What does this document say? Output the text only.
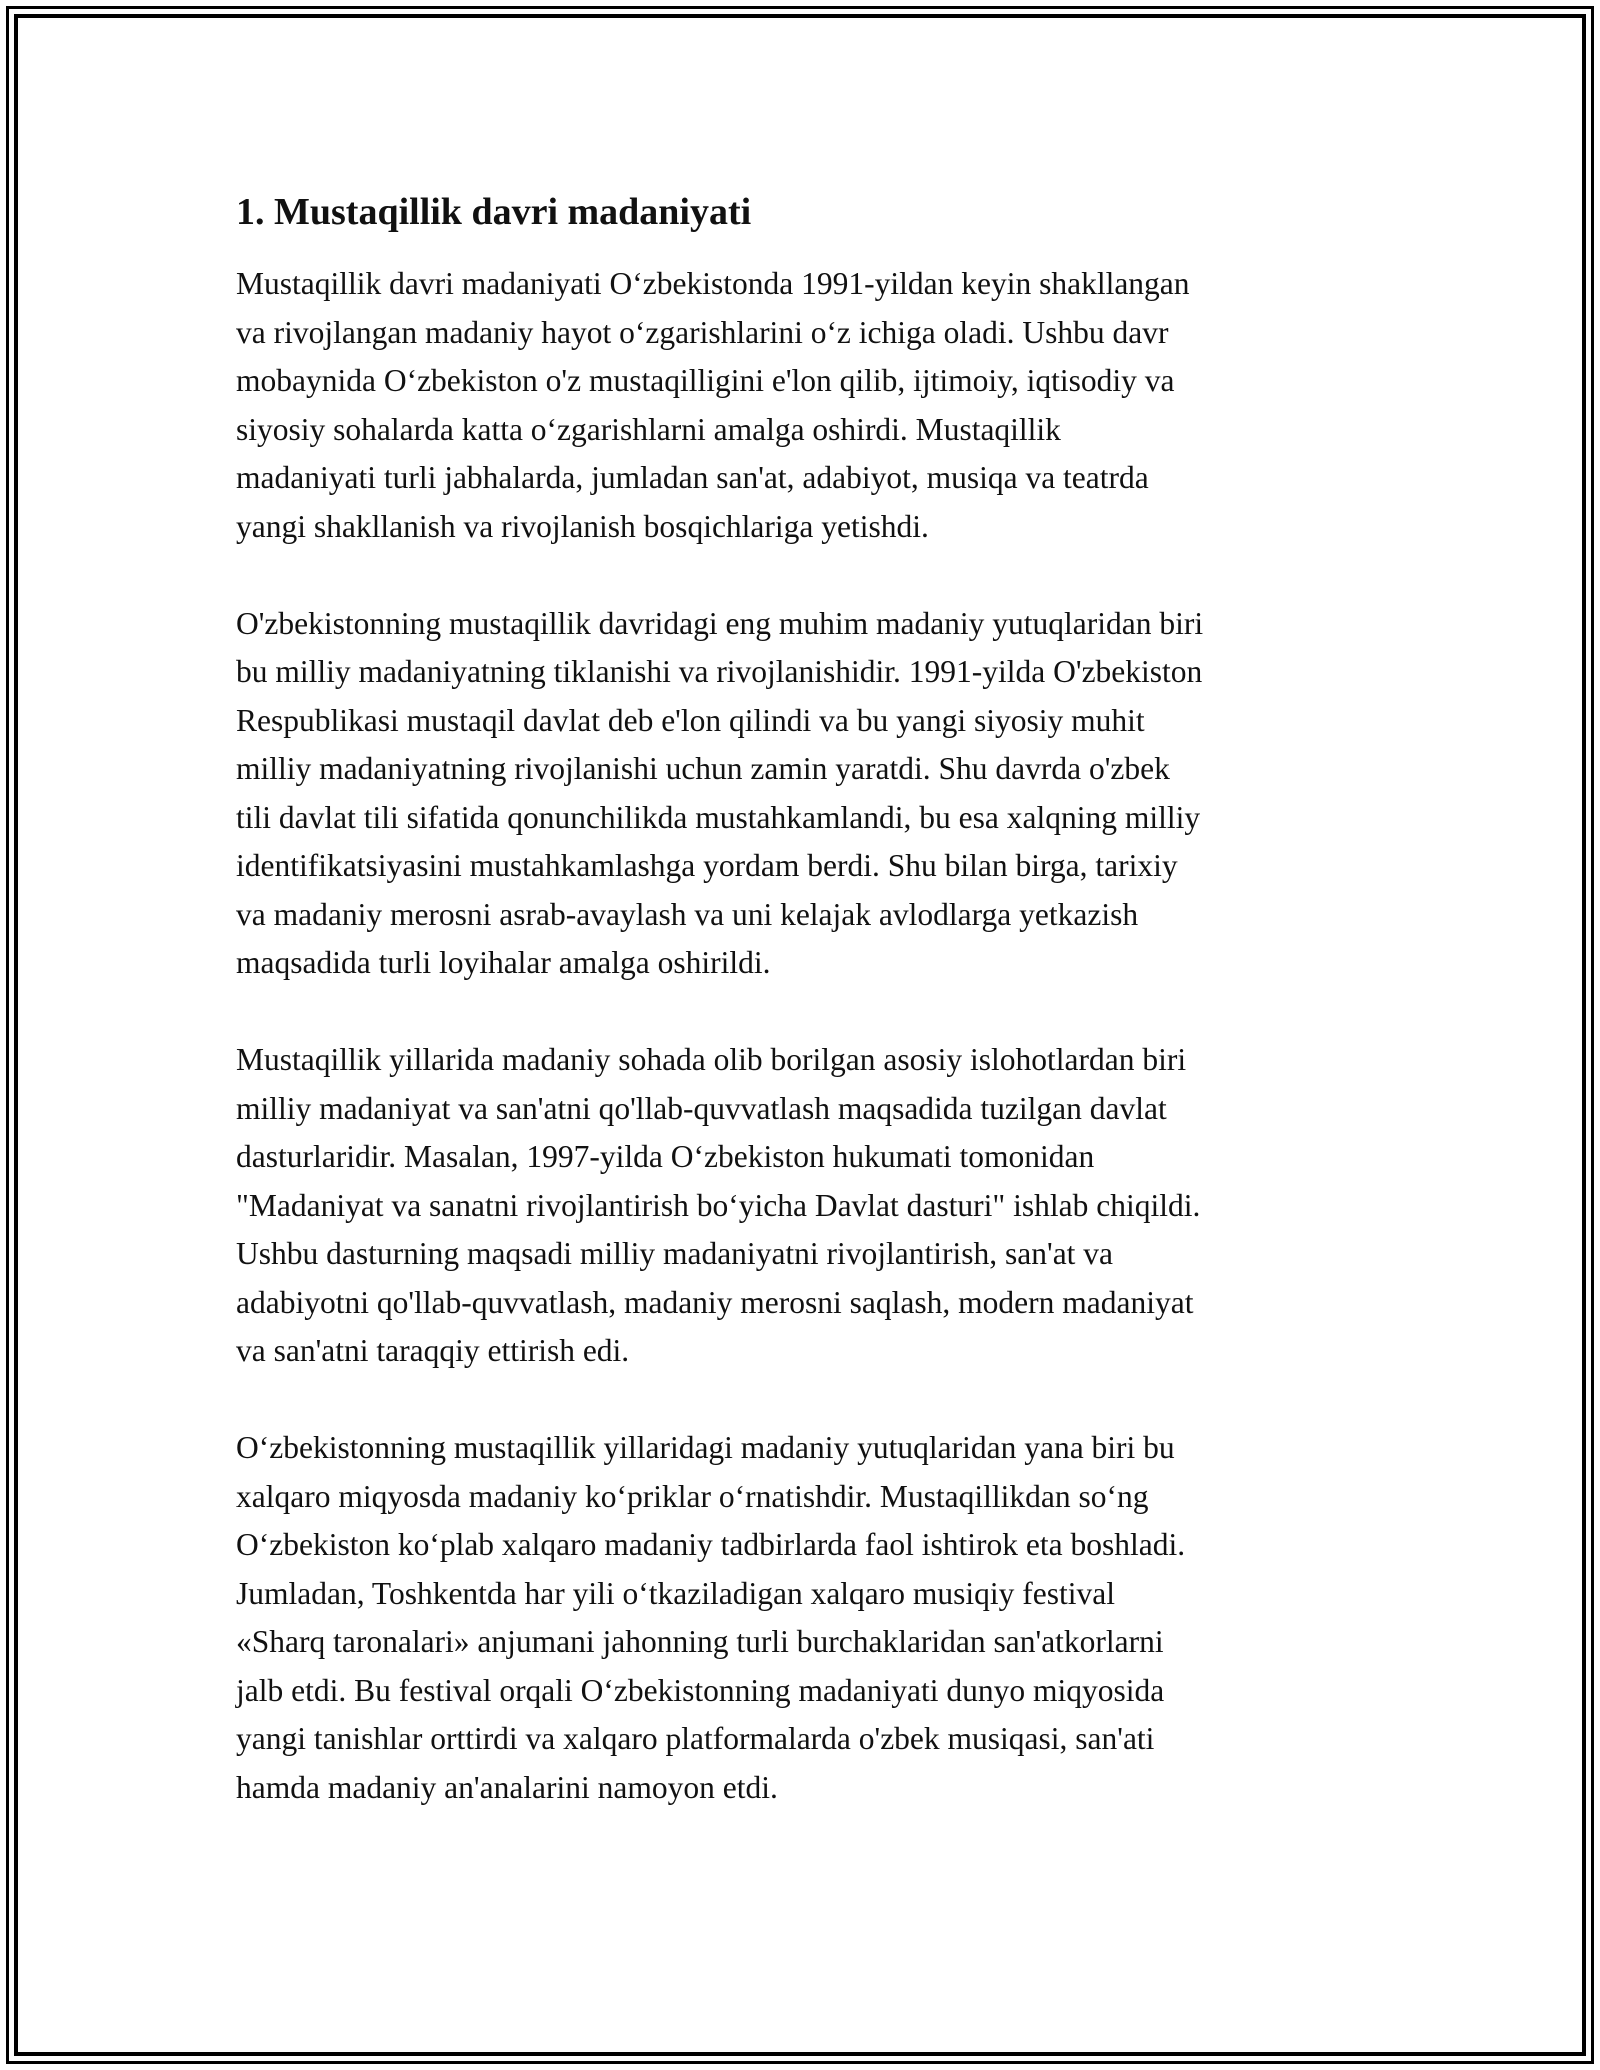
1. Mustaqillik davri madaniyati

Mustaqillik davri madaniyati O‘zbekistonda 1991-yildan keyin shakllangan
va rivojlangan madaniy hayot o‘zgarishlarini o‘z ichiga oladi. Ushbu davr
mobaynida O‘zbekiston o'z mustaqilligini e'lon qilib, ijtimoiy, iqtisodiy va
siyosiy sohalarda katta o‘zgarishlarni amalga oshirdi. Mustaqillik
madaniyati turli jabhalarda, jumladan san'at, adabiyot, musiqa va teatrda
yangi shakllanish va rivojlanish bosqichlariga yetishdi.

O'zbekistonning mustaqillik davridagi eng muhim madaniy yutuqlaridan biri
bu milliy madaniyatning tiklanishi va rivojlanishidir. 1991-yilda O'zbekiston
Respublikasi mustaqil davlat deb e'lon qilindi va bu yangi siyosiy muhit
milliy madaniyatning rivojlanishi uchun zamin yaratdi. Shu davrda o'zbek
tili davlat tili sifatida qonunchilikda mustahkamlandi, bu esa xalqning milliy
identifikatsiyasini mustahkamlashga yordam berdi. Shu bilan birga, tarixiy
va madaniy merosni asrab-avaylash va uni kelajak avlodlarga yetkazish
maqsadida turli loyihalar amalga oshirildi.

Mustaqillik yillarida madaniy sohada olib borilgan asosiy islohotlardan biri
milliy madaniyat va san'atni qo'llab-quvvatlash maqsadida tuzilgan davlat
dasturlaridir. Masalan, 1997-yilda O‘zbekiston hukumati tomonidan
"Madaniyat va sanatni rivojlantirish bo‘yicha Davlat dasturi" ishlab chiqildi.
Ushbu dasturning maqsadi milliy madaniyatni rivojlantirish, san'at va
adabiyotni qo'llab-quvvatlash, madaniy merosni saqlash, modern madaniyat
va san'atni taraqqiy ettirish edi.

O‘zbekistonning mustaqillik yillaridagi madaniy yutuqlaridan yana biri bu
xalqaro miqyosda madaniy ko‘priklar o‘rnatishdir. Mustaqillikdan so‘ng
O‘zbekiston ko‘plab xalqaro madaniy tadbirlarda faol ishtirok eta boshladi.
Jumladan, Toshkentda har yili o‘tkaziladigan xalqaro musiqiy festival
«Sharq taronalari» anjumani jahonning turli burchaklaridan san'atkorlarni
jalb etdi. Bu festival orqali O‘zbekistonning madaniyati dunyo miqyosida
yangi tanishlar orttirdi va xalqaro platformalarda o'zbek musiqasi, san'ati
hamda madaniy an'analarini namoyon etdi.
